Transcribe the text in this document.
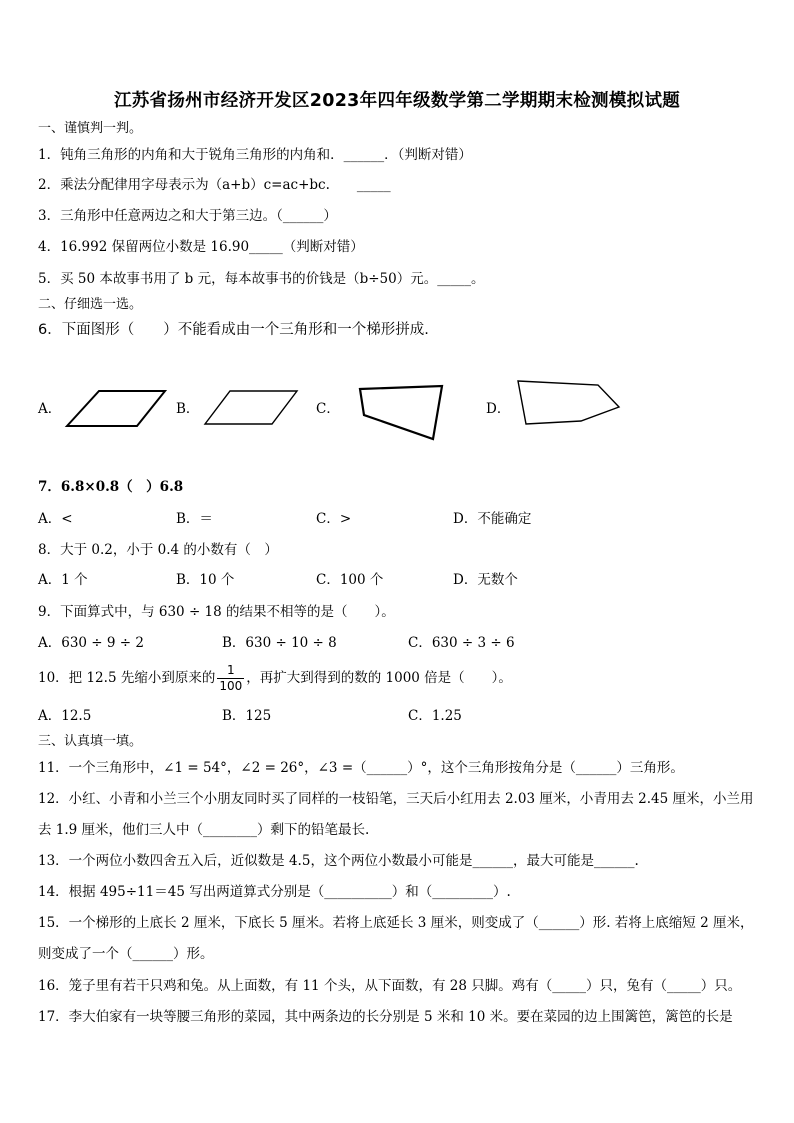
江苏省扬州市经济开发区2023年四年级数学第二学期期末检测模拟试题
一、谨慎判一判。
1．钝角三角形的内角和大于锐角三角形的内角和．______．（判断对错）
2．乘法分配律用字母表示为（a+b）c=ac+bc.　　_____
3．三角形中任意两边之和大于第三边。（______）
4．16.992 保留两位小数是 16.90_____（判断对错）
5．买 50 本故事书用了 b 元，每本故事书的价钱是（b÷50）元。_____。
二、仔细选一选。
6．下面图形（　　）不能看成由一个三角形和一个梯形拼成.
A．	B．	C．	D．
7．6.8×0.8（　）6.8
A．<	B．＝	C．>	D．不能确定
8．大于 0.2，小于 0.4 的小数有（　）
A．1 个	B．10 个	C．100 个	D．无数个
9．下面算式中，与 630 ÷ 18 的结果不相等的是（　　）。
A．630 ÷ 9 ÷ 2	B．630 ÷ 10 ÷ 8	C．630 ÷ 3 ÷ 6
10．把 12.5 先缩小到原来的 $\frac{1}{100}$ ，再扩大到得到的数的 1000 倍是（　　）。
A．12.5	B．125	C．1.25
三、认真填一填。
11．一个三角形中，∠1 = 54°，∠2 = 26°，∠3 =（______）°，这个三角形按角分是（______）三角形。
12．小红、小青和小兰三个小朋友同时买了同样的一枝铅笔，三天后小红用去 2.03 厘米，小青用去 2.45 厘米，小兰用
去 1.9 厘米，他们三人中（________）剩下的铅笔最长.
13．一个两位小数四舍五入后，近似数是 4.5，这个两位小数最小可能是______，最大可能是______.
14．根据 495÷11＝45 写出两道算式分别是（__________）和（_________）.
15．一个梯形的上底长 2 厘米，下底长 5 厘米。若将上底延长 3 厘米，则变成了（______）形. 若将上底缩短 2 厘米，
则变成了一个（______）形。
16．笼子里有若干只鸡和兔。从上面数，有 11 个头，从下面数，有 28 只脚。鸡有（_____）只，兔有（_____）只。
17．李大伯家有一块等腰三角形的菜园，其中两条边的长分别是 5 米和 10 米。要在菜园的边上围篱笆，篱笆的长是
